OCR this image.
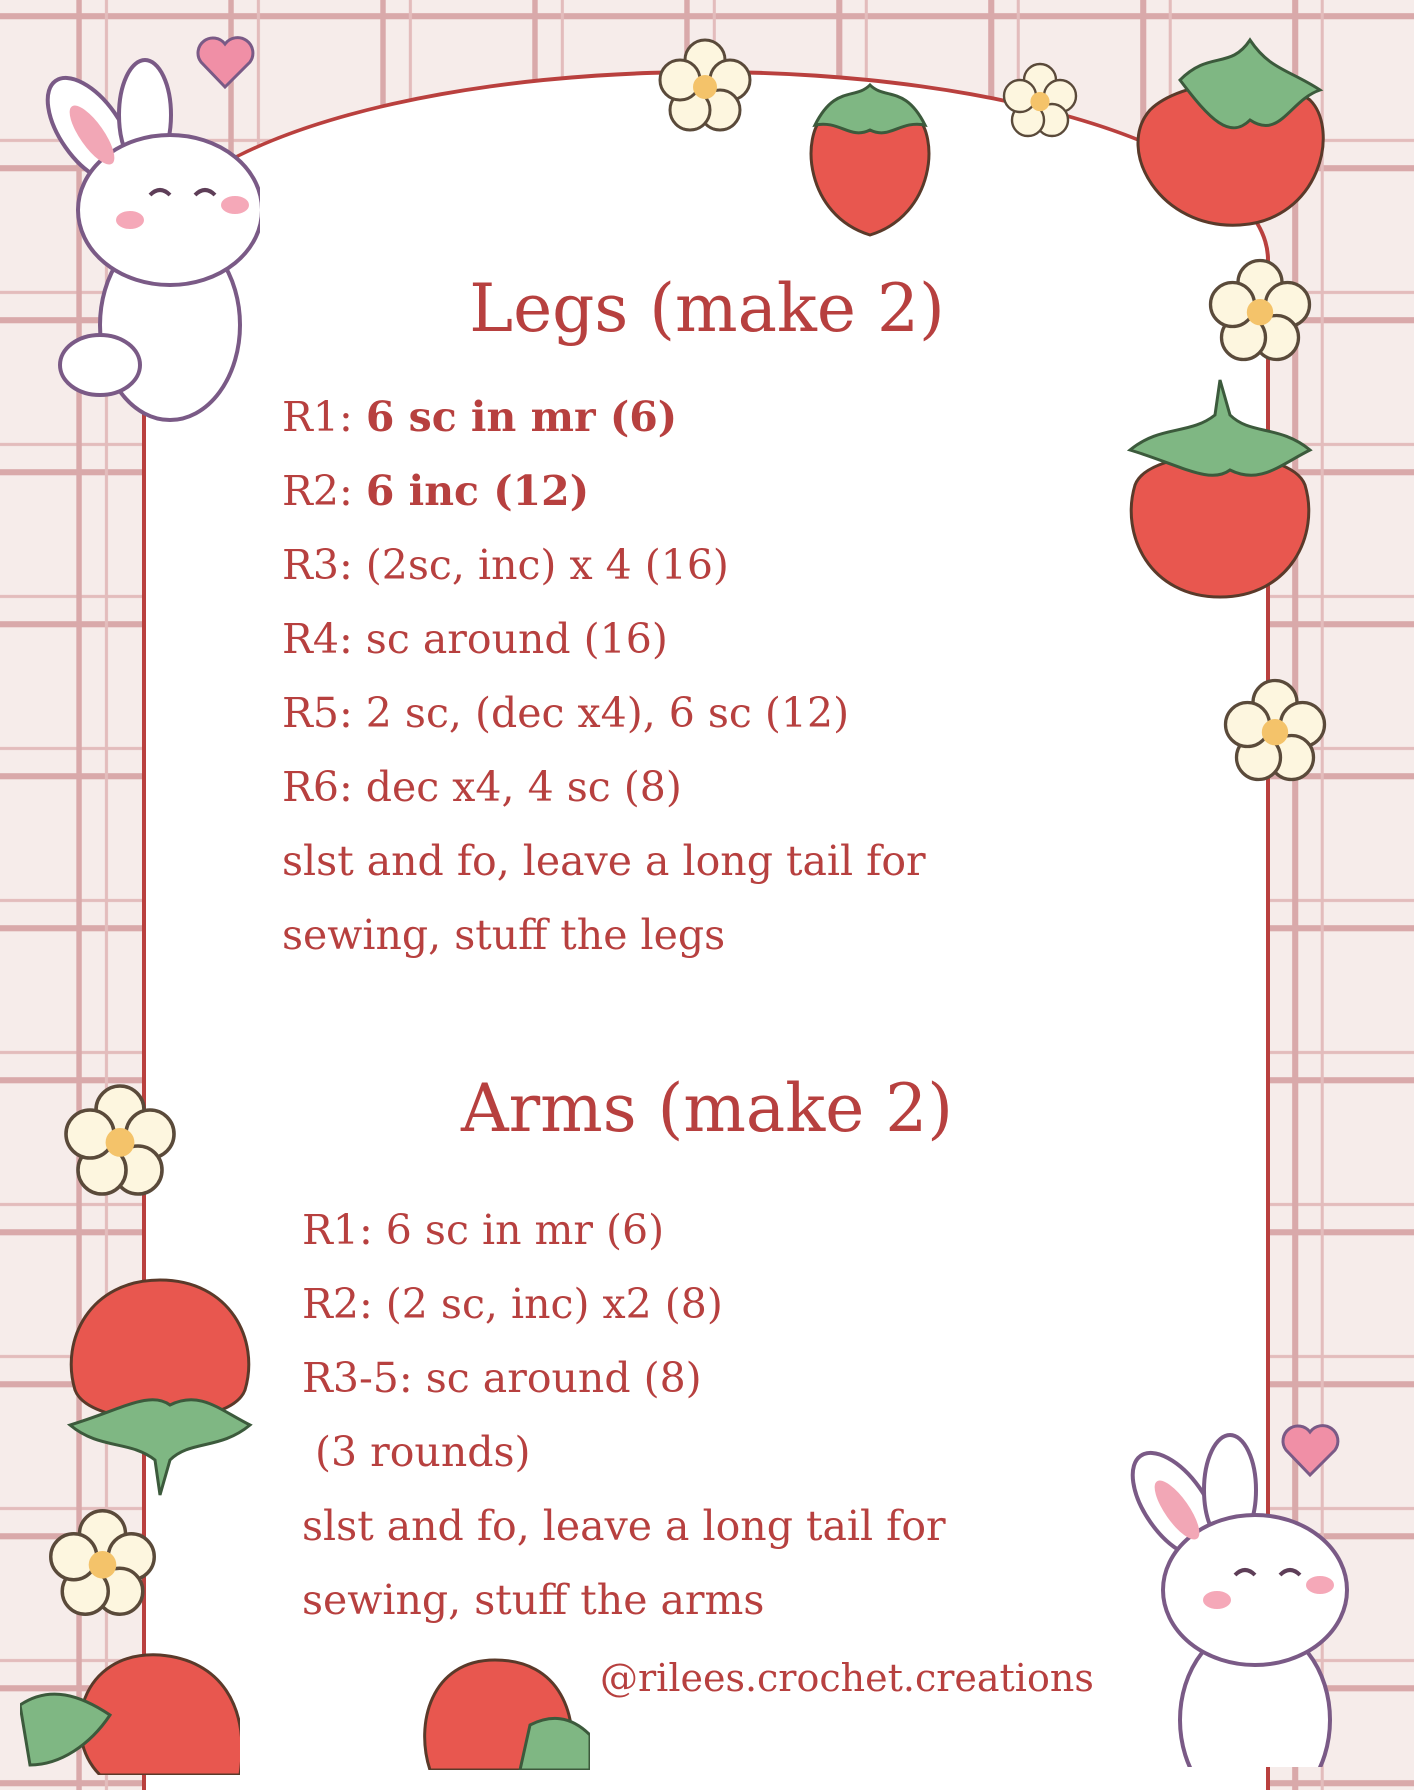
Legs (make 2)
R1: 6 sc in mr (6)
R2: 6 inc (12)
R3: (2sc, inc) x 4 (16)
R4: sc around (16)
R5: 2 sc, (dec x4), 6 sc (12)
R6: dec x4, 4 sc (8)
slst and fo, leave a long tail for
sewing, stuff the legs
Arms (make 2)
R1: 6 sc in mr (6)
R2: (2 sc, inc) x2 (8)
R3-5: sc around (8)
(3 rounds)
slst and fo, leave a long tail for
sewing, stuff the arms
@rilees.crochet.creations
